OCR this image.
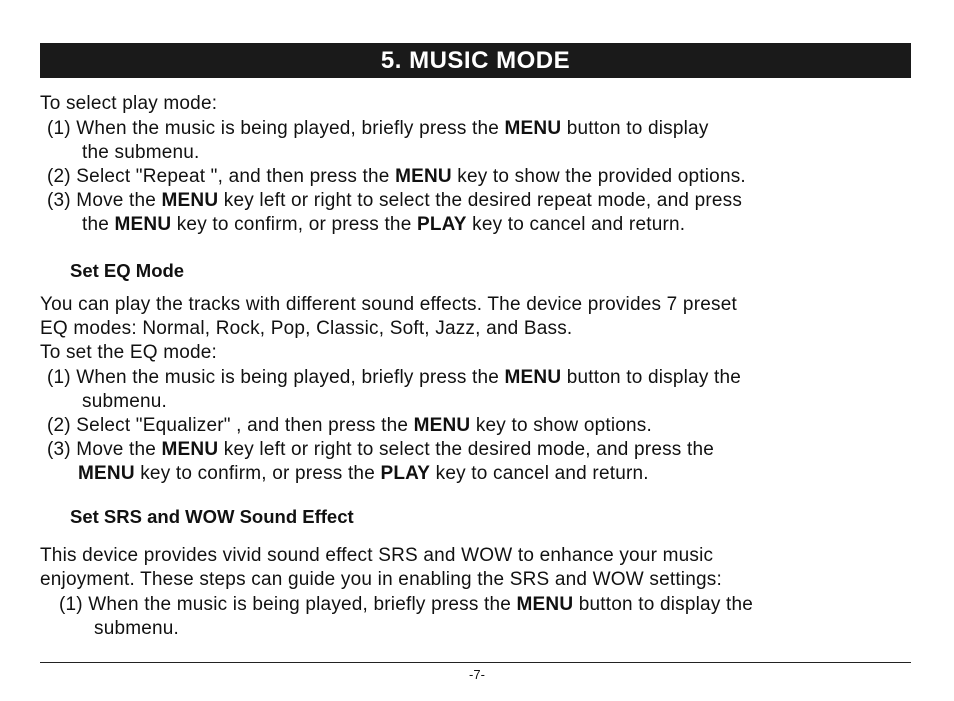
5. MUSIC MODE
To select play mode:
(1) When the music is being played, briefly press the MENU button to display
the submenu.
(2) Select "Repeat ", and then press the MENU key to show the provided options.
(3) Move the MENU key left or right to select the desired repeat mode, and press
the MENU key to confirm, or press the PLAY key to cancel and return.
Set EQ Mode
You can play the tracks with different sound effects. The device provides 7 preset
EQ modes: Normal, Rock, Pop, Classic, Soft, Jazz, and Bass.
To set the EQ mode:
(1) When the music is being played, briefly press the MENU button to display the
submenu.
(2) Select "Equalizer" , and then press the MENU key to show options.
(3) Move the MENU key left or right to select the desired mode, and press the
MENU key to confirm, or press the PLAY key to cancel and return.
Set SRS and WOW Sound Effect
This device provides vivid sound effect SRS and WOW to enhance your music
enjoyment. These steps can guide you in enabling the SRS and WOW settings:
(1) When the music is being played, briefly press the MENU button to display the
submenu.
-7-
